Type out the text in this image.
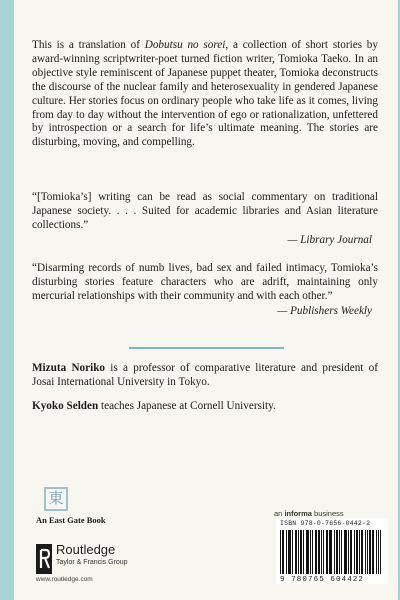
This is a translation of Dobutsu no sorei, a collection of short stories by award-winning scriptwriter-poet turned fiction writer, Tomioka Taeko. In an objective style reminiscent of Japanese puppet theater, Tomioka deconstructs the discourse of the nuclear family and heterosexuality in gendered Japanese culture. Her stories focus on ordinary people who take life as it comes, living from day to day without the intervention of ego or rationalization, unfettered by introspection or a search for life’s ultimate meaning. The stories are disturbing, moving, and compelling.

“[Tomioka’s] writing can be read as social commentary on traditional Japanese society. . . . Suited for academic libraries and Asian literature collections.”

— Library Journal

“Disarming records of numb lives, bad sex and failed intimacy, Tomioka’s disturbing stories feature characters who are adrift, maintaining only mercurial relationships with their community and with each other.”

— Publishers Weekly

Mizuta Noriko is a professor of comparative literature and president of Josai International University in Tokyo.

Kyoko Selden teaches Japanese at Cornell University.

東
An East Gate Book
Routledge
Taylor & Francis Group
www.routledge.com
an informa business
ISBN 978-0-7656-0442-2
9 780765 604422
